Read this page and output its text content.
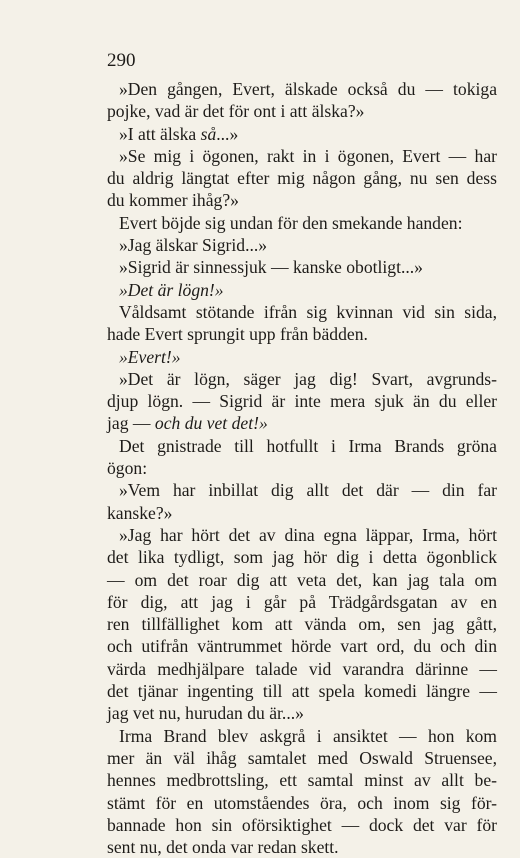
290
»Den gången, Evert, älskade också du — tokiga
pojke, vad är det för ont i att älska?»
»I att älska så...»
»Se mig i ögonen, rakt in i ögonen, Evert — har
du aldrig längtat efter mig någon gång, nu sen dess
du kommer ihåg?»
Evert böjde sig undan för den smekande handen:
»Jag älskar Sigrid...»
»Sigrid är sinnessjuk — kanske obotligt...»
»Det är lögn!»
Våldsamt stötande ifrån sig kvinnan vid sin sida,
hade Evert sprungit upp från bädden.
»Evert!»
»Det är lögn, säger jag dig! Svart, avgrunds-
djup lögn. — Sigrid är inte mera sjuk än du eller
jag — och du vet det!»
Det gnistrade till hotfullt i Irma Brands gröna
ögon:
»Vem har inbillat dig allt det där — din far
kanske?»
»Jag har hört det av dina egna läppar, Irma, hört
det lika tydligt, som jag hör dig i detta ögonblick
— om det roar dig att veta det, kan jag tala om
för dig, att jag i går på Trädgårdsgatan av en
ren tillfällighet kom att vända om, sen jag gått,
och utifrån väntrummet hörde vart ord, du och din
värda medhjälpare talade vid varandra därinne —
det tjänar ingenting till att spela komedi längre —
jag vet nu, hurudan du är...»
Irma Brand blev askgrå i ansiktet — hon kom
mer än väl ihåg samtalet med Oswald Struensee,
hennes medbrottsling, ett samtal minst av allt be-
stämt för en utomståendes öra, och inom sig för-
bannade hon sin oförsiktighet — dock det var för
sent nu, det onda var redan skett.
